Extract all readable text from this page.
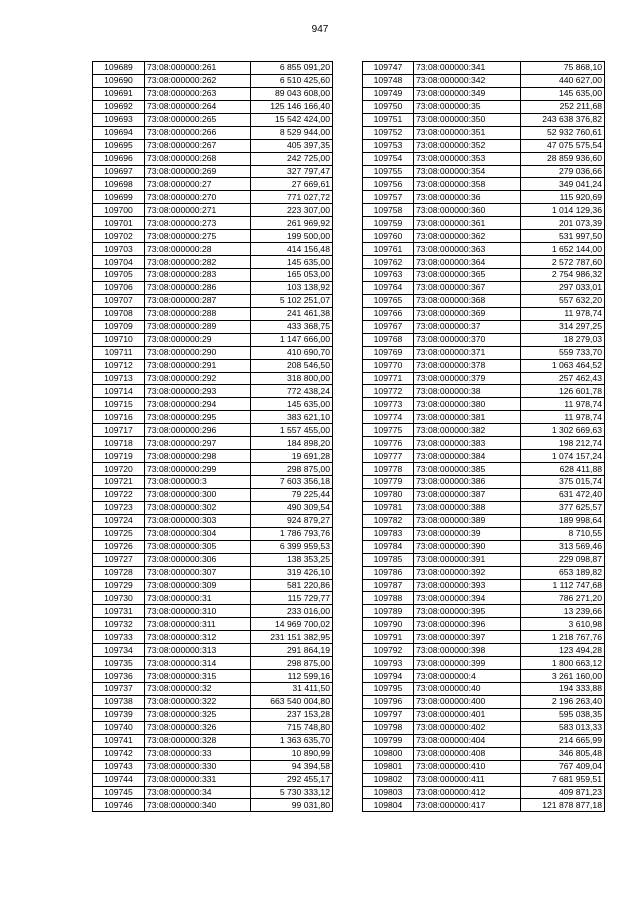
947
109689	73:08:000000:261	6 855 091,20
109690	73:08:000000:262	6 510 425,60
109691	73:08:000000:263	89 043 608,00
109692	73:08:000000:264	125 146 166,40
109693	73:08:000000:265	15 542 424,00
109694	73:08:000000:266	8 529 944,00
109695	73:08:000000:267	405 397,35
109696	73:08:000000:268	242 725,00
109697	73:08:000000:269	327 797,47
109698	73:08:000000:27	27 669,61
109699	73:08:000000:270	771 027,72
109700	73:08:000000:271	223 307,00
109701	73:08:000000:273	261 969,92
109702	73:08:000000:275	199 500,00
109703	73:08:000000:28	414 156,48
109704	73:08:000000:282	145 635,00
109705	73:08:000000:283	165 053,00
109706	73:08:000000:286	103 138,92
109707	73:08:000000:287	5 102 251,07
109708	73:08:000000:288	241 461,38
109709	73:08:000000:289	433 368,75
109710	73:08:000000:29	1 147 666,00
109711	73:08:000000:290	410 690,70
109712	73:08:000000:291	208 546,50
109713	73:08:000000:292	318 800,00
109714	73:08:000000:293	772 438,24
109715	73:08:000000:294	145 635,00
109716	73:08:000000:295	383 621,10
109717	73:08:000000:296	1 557 455,00
109718	73:08:000000:297	184 898,20
109719	73:08:000000:298	19 691,28
109720	73:08:000000:299	298 875,00
109721	73:08:000000:3	7 603 356,18
109722	73:08:000000:300	79 225,44
109723	73:08:000000:302	490 309,54
109724	73:08:000000:303	924 879,27
109725	73:08:000000:304	1 786 793,76
109726	73:08:000000:305	6 399 959,53
109727	73:08:000000:306	138 353,25
109728	73:08:000000:307	319 426,10
109729	73:08:000000:309	581 220,86
109730	73:08:000000:31	115 729,77
109731	73:08:000000:310	233 016,00
109732	73:08:000000:311	14 969 700,02
109733	73:08:000000:312	231 151 382,95
109734	73:08:000000:313	291 864,19
109735	73:08:000000:314	298 875,00
109736	73:08:000000:315	112 599,16
109737	73:08:000000:32	31 411,50
109738	73:08:000000:322	663 540 004,80
109739	73:08:000000:325	237 153,28
109740	73:08:000000:326	715 748,80
109741	73:08:000000:328	1 363 635,70
109742	73:08:000000:33	10 890,99
109743	73:08:000000:330	94 394,58
109744	73:08:000000:331	292 455,17
109745	73:08:000000:34	5 730 333,12
109746	73:08:000000:340	99 031,80
109747	73:08:000000:341	75 868,10
109748	73:08:000000:342	440 627,00
109749	73:08:000000:349	145 635,00
109750	73:08:000000:35	252 211,68
109751	73:08:000000:350	243 638 376,82
109752	73:08:000000:351	52 932 760,61
109753	73:08:000000:352	47 075 575,54
109754	73:08:000000:353	28 859 936,60
109755	73:08:000000:354	279 036,66
109756	73:08:000000:358	349 041,24
109757	73:08:000000:36	115 920,69
109758	73:08:000000:360	1 014 129,36
109759	73:08:000000:361	201 073,39
109760	73:08:000000:362	531 997,50
109761	73:08:000000:363	1 652 144,00
109762	73:08:000000:364	2 572 787,60
109763	73:08:000000:365	2 754 986,32
109764	73:08:000000:367	297 033,01
109765	73:08:000000:368	557 632,20
109766	73:08:000000:369	11 978,74
109767	73:08:000000:37	314 297,25
109768	73:08:000000:370	18 279,03
109769	73:08:000000:371	559 733,70
109770	73:08:000000:378	1 063 464,52
109771	73:08:000000:379	257 462,43
109772	73:08:000000:38	126 601,78
109773	73:08:000000:380	11 978,74
109774	73:08:000000:381	11 978,74
109775	73:08:000000:382	1 302 669,63
109776	73:08:000000:383	198 212,74
109777	73:08:000000:384	1 074 157,24
109778	73:08:000000:385	628 411,88
109779	73:08:000000:386	375 015,74
109780	73:08:000000:387	631 472,40
109781	73:08:000000:388	377 625,57
109782	73:08:000000:389	189 998,64
109783	73:08:000000:39	8 710,55
109784	73:08:000000:390	313 569,46
109785	73:08:000000:391	229 098,87
109786	73:08:000000:392	653 189,82
109787	73:08:000000:393	1 112 747,68
109788	73:08:000000:394	786 271,20
109789	73:08:000000:395	13 239,66
109790	73:08:000000:396	3 610,98
109791	73:08:000000:397	1 218 767,76
109792	73:08:000000:398	123 494,28
109793	73:08:000000:399	1 800 663,12
109794	73:08:000000:4	3 261 160,00
109795	73:08:000000:40	194 333,88
109796	73:08:000000:400	2 196 263,40
109797	73:08:000000:401	595 038,35
109798	73:08:000000:402	583 013,33
109799	73:08:000000:404	214 665,99
109800	73:08:000000:408	346 805,48
109801	73:08:000000:410	767 409,04
109802	73:08:000000:411	7 681 959,51
109803	73:08:000000:412	409 871,23
109804	73:08:000000:417	121 878 877,18
